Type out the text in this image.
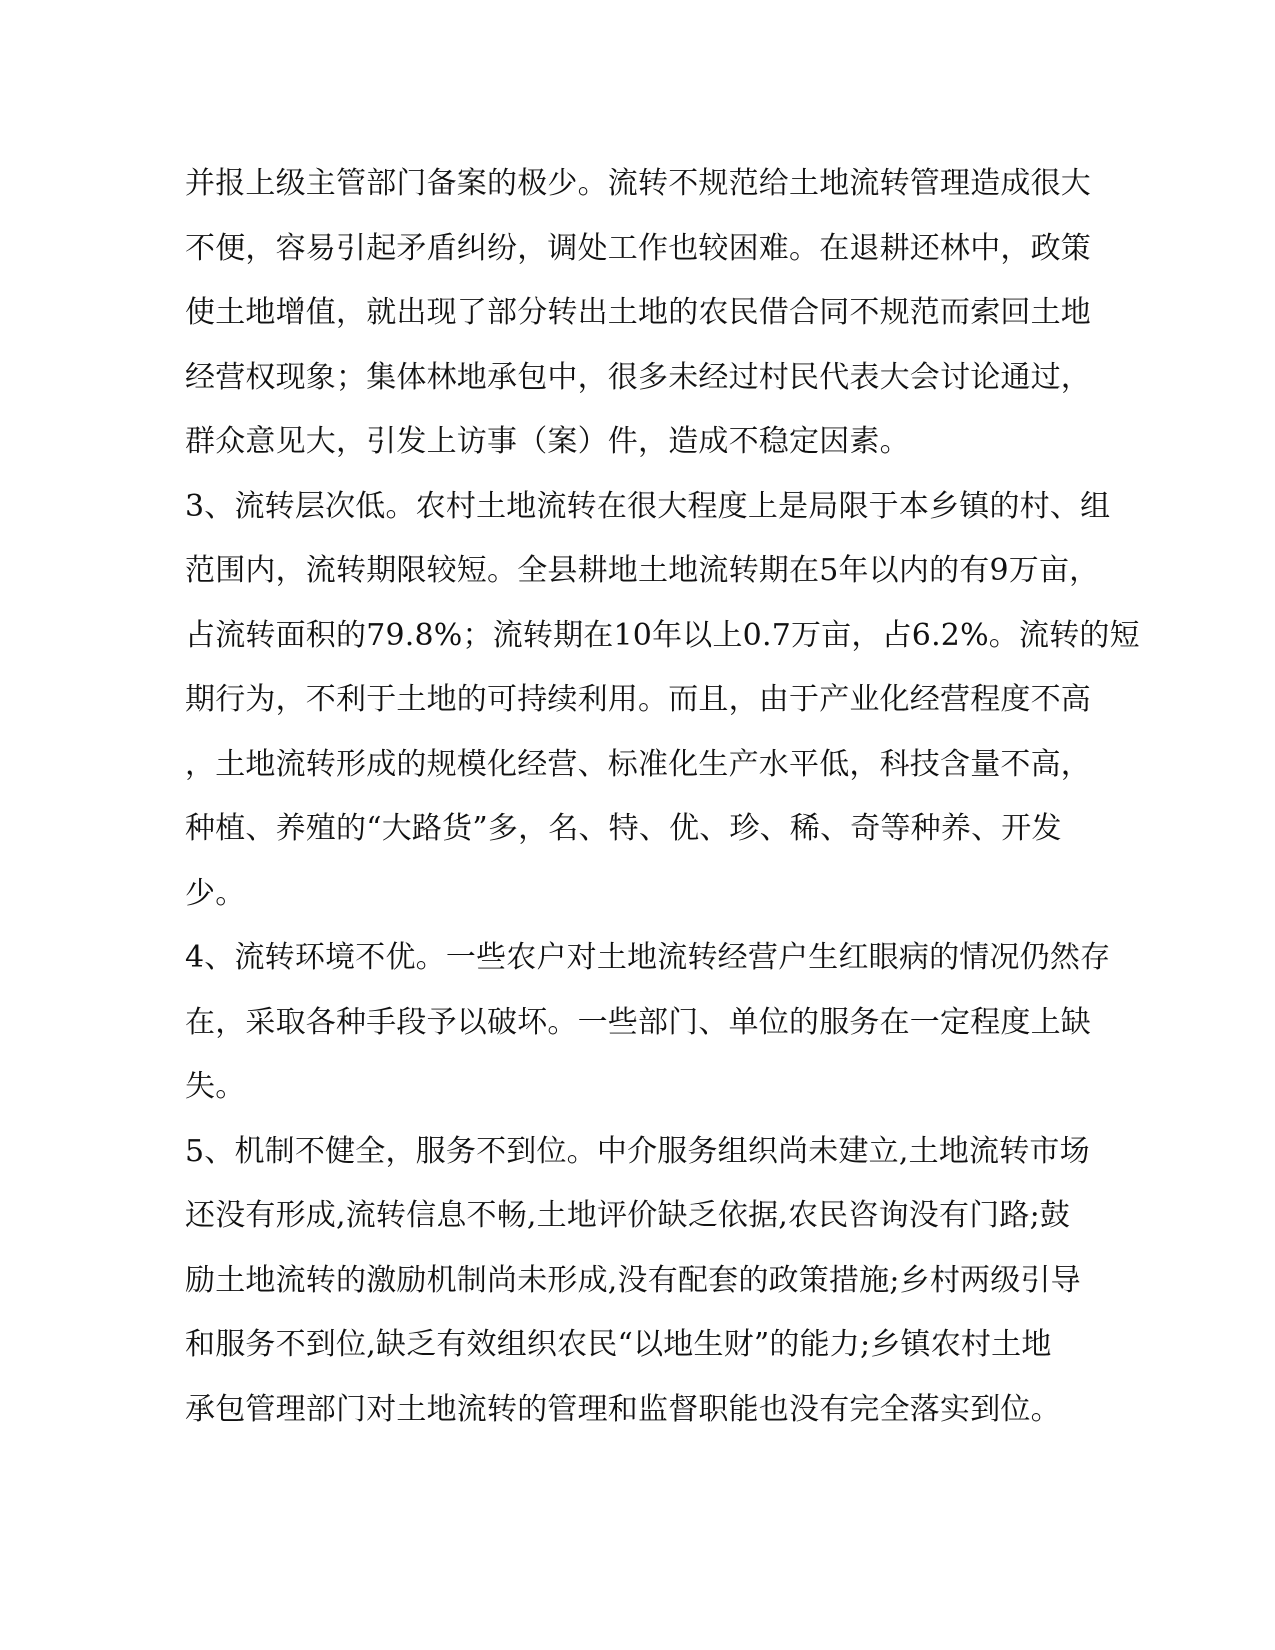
并报上级主管部门备案的极少。流转不规范给土地流转管理造成很大
不便，容易引起矛盾纠纷，调处工作也较困难。在退耕还林中，政策
使土地增值，就出现了部分转出土地的农民借合同不规范而索回土地
经营权现象；集体林地承包中，很多未经过村民代表大会讨论通过，
群众意见大，引发上访事（案）件，造成不稳定因素。
3、流转层次低。农村土地流转在很大程度上是局限于本乡镇的村、组
范围内，流转期限较短。全县耕地土地流转期在5年以内的有9万亩，
占流转面积的79.8%；流转期在10年以上0.7万亩，占6.2%。流转的短
期行为，不利于土地的可持续利用。而且，由于产业化经营程度不高
，土地流转形成的规模化经营、标准化生产水平低，科技含量不高，
种植、养殖的“大路货”多，名、特、优、珍、稀、奇等种养、开发
少。
4、流转环境不优。一些农户对土地流转经营户生红眼病的情况仍然存
在，采取各种手段予以破坏。一些部门、单位的服务在一定程度上缺
失。
5、机制不健全，服务不到位。中介服务组织尚未建立,土地流转市场
还没有形成,流转信息不畅,土地评价缺乏依据,农民咨询没有门路;鼓
励土地流转的激励机制尚未形成,没有配套的政策措施;乡村两级引导
和服务不到位,缺乏有效组织农民“以地生财”的能力;乡镇农村土地
承包管理部门对土地流转的管理和监督职能也没有完全落实到位。
